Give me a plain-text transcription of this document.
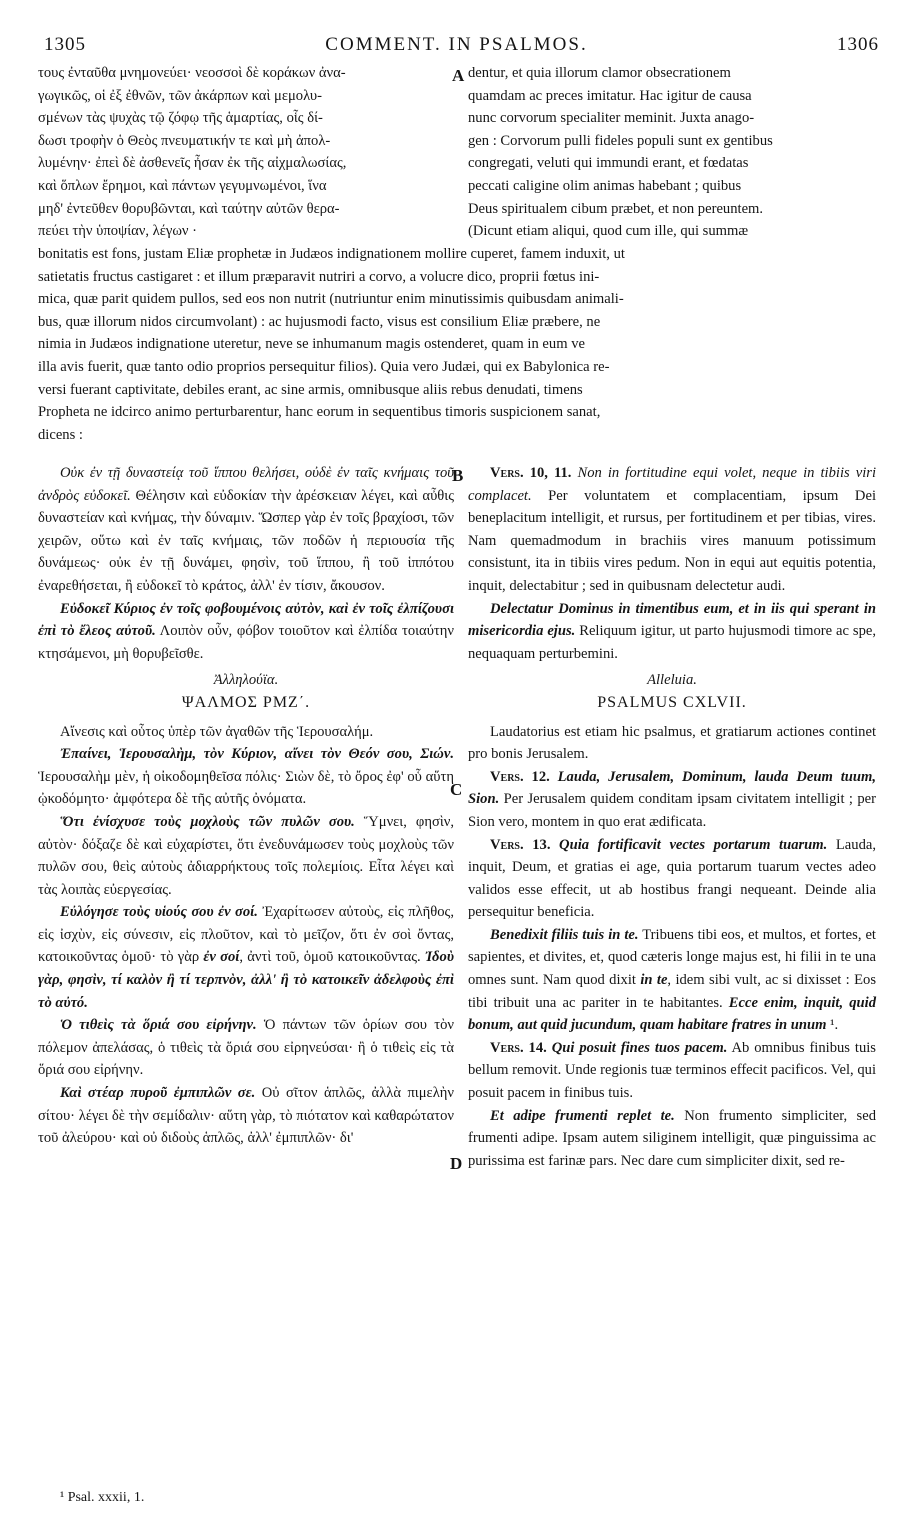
1305	COMMENT. IN PSALMOS.	1306
τους ἐνταῦθα μνημονεύει· νεοσσοὶ δὲ κοράκων ἀνα-
γωγικῶς, οἱ ἐξ ἐθνῶν, τῶν ἀκάρπων καὶ μεμολυ-
σμένων τὰς ψυχὰς τῷ ζόφῳ τῆς ἁμαρτίας, οἷς δί-
δωσι τροφὴν ὁ Θεὸς πνευματικήν τε καὶ μὴ ἀπολ-
λυμένην· ἐπεὶ δὲ ἀσθενεῖς ἦσαν ἐκ τῆς αἰχμαλωσίας,
καὶ ὅπλων ἔρημοι, καὶ πάντων γεγυμνωμένοι, ἵνα
μηδ' ἐντεῦθεν θορυβῶνται, καὶ ταύτην αὐτῶν θερα-
πεύει τὴν ὑποψίαν, λέγων ·
A dentur, et quia illorum clamor obsecrationem
quamdam ac preces imitatur. Hac igitur de causa
nunc corvorum specialiter meminit. Juxta anago-
gen : Corvorum pulli fideles populi sunt ex gentibus
congregati, veluti qui immundi erant, et fœdatas
peccati caligine olim animas habebant ; quibus
Deus spiritualem cibum præbet, et non pereuntem.
(Dicunt etiam aliqui, quod cum ille, qui summæ
bonitatis est fons, justam Eliæ prophetæ in Judæos indignationem mollire cuperet, famem induxit, ut
satietatis fructus castigaret : et illum præparavit nutriri a corvo, a volucre dico, proprii fœtus ini-
mica, quæ parit quidem pullos, sed eos non nutrit (nutriuntur enim minutissimis quibusdam animali-
bus, quæ illorum nidos circumvolant) : ac hujusmodi facto, visus est consilium Eliæ præbere, ne
nimia in Judæos indignatione uteretur, neve se inhumanum magis ostenderet, quam in eum ve
illa avis fuerit, quæ tanto odio proprios persequitur filios). Quia vero Judæi, qui ex Babylonica re-
versi fuerant captivitate, debiles erant, ac sine armis, omnibusque aliis rebus denudati, timens
Propheta ne idcirco animo perturbarentur, hanc eorum in sequentibus timoris suspicionem sanat,
dicens :

Οὐκ ἐν τῇ δυναστείᾳ τοῦ ἵππου θελήσει, οὐδὲ ἐν ταῖς κνήμαις τοῦ ἀνδρὸς εὐδοκεῖ. Θέλησιν καὶ εὐδοκίαν τὴν ἀρέσκειαν λέγει, καὶ αὖθις δυναστείαν καὶ κνήμας, τὴν δύναμιν. Ὥσπερ γὰρ ἐν τοῖς βραχίοσι, τῶν χειρῶν, οὕτω καὶ ἐν ταῖς κνήμαις, τῶν ποδῶν ἡ περιουσία τῆς δυνάμεως· οὐκ ἐν τῇ δυνάμει, φησὶν, τοῦ ἵππου, ἢ τοῦ ἱππότου ἐναρεθήσεται, ἢ εὐδοκεῖ τὸ κράτος, ἀλλ' ἐν τίσιν, ἄκουσον.

Εὐδοκεῖ Κύριος ἐν τοῖς φοβουμένοις αὐτὸν, καὶ ἐν τοῖς ἐλπίζουσι ἐπὶ τὸ ἔλεος αὐτοῦ. Λοιπὸν οὖν, φόβον τοιοῦτον καὶ ἐλπίδα τοιαύτην κτησάμενοι, μὴ θορυβεῖσθε.

Ἀλληλούϊα.

ΨΑΛΜΟΣ ΡΜΖ΄.

Αἴνεσις καὶ οὗτος ὑπὲρ τῶν ἀγαθῶν τῆς Ἱερουσαλήμ.

Ἐπαίνει, Ἱερουσαλὴμ, τὸν Κύριον, αἴνει τὸν Θεόν σου, Σιών. Ἱερουσαλὴμ μὲν, ἡ οἰκοδομηθεῖσα πόλις· Σιὼν δὲ, τὸ ὄρος ἐφ' οὗ αὕτη ᾠκοδόμητο· ἀμφότερα δὲ τῆς αὐτῆς ὀνόματα.

Ὅτι ἐνίσχυσε τοὺς μοχλοὺς τῶν πυλῶν σου. Ὕμνει, φησὶν, αὐτὸν· δόξαζε δὲ καὶ εὐχαρίστει, ὅτι ἐνεδυνάμωσεν τοὺς μοχλοὺς τῶν πυλῶν σου, θεὶς αὐτοὺς ἀδιαρρήκτους τοῖς πολεμίοις. Εἶτα λέγει καὶ τὰς λοιπὰς εὐεργεσίας.

Εὐλόγησε τοὺς υἱούς σου ἐν σοί. Ἐχαρίτωσεν αὐτοὺς, εἰς πλῆθος, εἰς ἰσχὺν, εἰς σύνεσιν, εἰς πλοῦτον, καὶ τὸ μεῖζον, ὅτι ἐν σοὶ ὄντας, κατοικοῦντας ὁμοῦ· τὸ γὰρ ἐν σοί, ἀντὶ τοῦ, ὁμοῦ κατοικοῦντας. Ἰδοὺ γὰρ, φησὶν, τί καλὸν ἢ τί τερπνὸν, ἀλλ' ἢ τὸ κατοικεῖν ἀδελφοὺς ἐπὶ τὸ αὐτό.

Ὁ τιθεὶς τὰ ὅριά σου εἰρήνην. Ὁ πάντων τῶν ὁρίων σου τὸν πόλεμον ἀπελάσας, ὁ τιθεὶς τὰ ὅριά σου εἰρηνεύσαι· ἢ ὁ τιθεὶς εἰς τὰ ὅριά σου εἰρήνην.

Καὶ στέαρ πυροῦ ἐμπιπλῶν σε. Οὐ σῖτον ἁπλῶς, ἀλλὰ πιμελὴν σίτου· λέγει δὲ τὴν σεμίδαλιν· αὕτη γὰρ, τὸ πιότατον καὶ καθαρώτατον τοῦ ἀλεύρου· καὶ οὐ διδοὺς ἁπλῶς, ἀλλ' ἐμπιπλῶν· δι'

B
C
D

Vers. 10, 11. Non in fortitudine equi volet, neque in tibiis viri complacet. Per voluntatem et complacentiam, ipsum Dei beneplacitum intelligit, et rursus, per fortitudinem et per tibias, vires. Nam quemadmodum in brachiis vires manuum potissimum consistunt, ita in tibiis vires pedum. Non in equi aut equitis potentia, inquit, delectabitur ; sed in quibusnam delectetur audi.

Delectatur Dominus in timentibus eum, et in iis qui sperant in misericordia ejus. Reliquum igitur, ut parto hujusmodi timore ac spe, nequaquam perturbemini.

Alleluia.

PSALMUS CXLVII.

Laudatorius est etiam hic psalmus, et gratiarum actiones continet pro bonis Jerusalem.

Vers. 12. Lauda, Jerusalem, Dominum, lauda Deum tuum, Sion. Per Jerusalem quidem conditam ipsam civitatem intelligit ; per Sion vero, montem in quo erat ædificata.

Vers. 13. Quia fortificavit vectes portarum tuarum. Lauda, inquit, Deum, et gratias ei age, quia portarum tuarum vectes adeo validos esse effecit, ut ab hostibus frangi nequeant. Deinde alia persequitur beneficia.

Benedixit filiis tuis in te. Tribuens tibi eos, et multos, et fortes, et sapientes, et divites, et, quod cæteris longe majus est, hi filii in te una omnes sunt. Nam quod dixit in te, idem sibi vult, ac si dixisset : Eos tibi tribuit una ac pariter in te habitantes. Ecce enim, inquit, quid bonum, aut quid jucundum, quam habitare fratres in unum ¹.

Vers. 14. Qui posuit fines tuos pacem. Ab omnibus finibus tuis bellum removit. Unde regionis tuæ terminos effecit pacificos. Vel, qui posuit pacem in finibus tuis.

Et adipe frumenti replet te. Non frumento simpliciter, sed frumenti adipe. Ipsam autem siliginem intelligit, quæ pinguissima ac purissima est farinæ pars. Nec dare cum simpliciter dixit, sed re-

¹ Psal. xxxii, 1.
